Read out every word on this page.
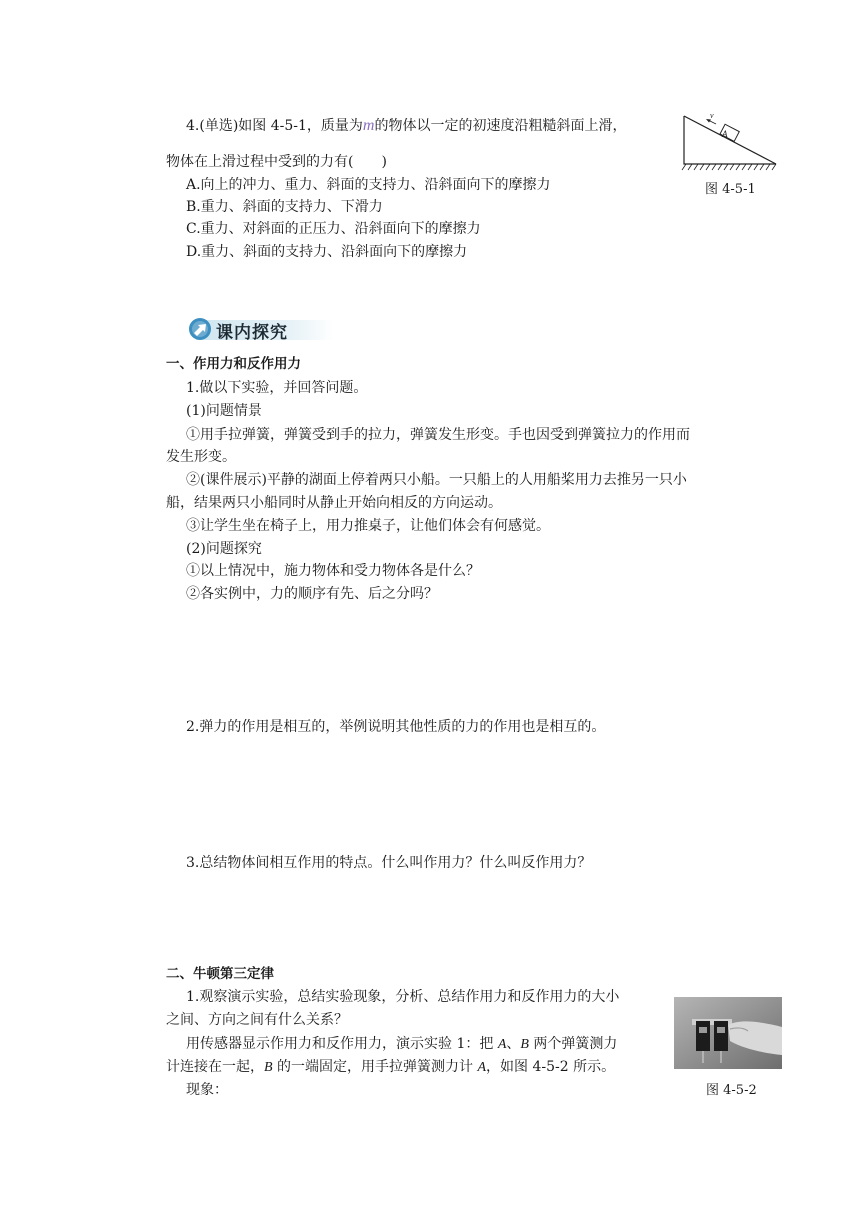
4.(单选)如图 4-5-1，质量为m的物体以一定的初速度沿粗糙斜面上滑，
物体在上滑过程中受到的力有(　　)
A.向上的冲力、重力、斜面的支持力、沿斜面向下的摩擦力
B.重力、斜面的支持力、下滑力
C.重力、对斜面的正压力、沿斜面向下的摩擦力
D.重力、斜面的支持力、沿斜面向下的摩擦力
A
v
图 4-5-1
课内探究
一、作用力和反作用力
1.做以下实验，并回答问题。
(1)问题情景
①用手拉弹簧，弹簧受到手的拉力，弹簧发生形变。手也因受到弹簧拉力的作用而
发生形变。
②(课件展示)平静的湖面上停着两只小船。一只船上的人用船桨用力去推另一只小
船，结果两只小船同时从静止开始向相反的方向运动。
③让学生坐在椅子上，用力推桌子，让他们体会有何感觉。
(2)问题探究
①以上情况中，施力物体和受力物体各是什么？
②各实例中，力的顺序有先、后之分吗？
2.弹力的作用是相互的，举例说明其他性质的力的作用也是相互的。
3.总结物体间相互作用的特点。什么叫作用力？什么叫反作用力？
二、牛顿第三定律
1.观察演示实验，总结实验现象，分析、总结作用力和反作用力的大小
之间、方向之间有什么关系？
用传感器显示作用力和反作用力，演示实验 1：把 A、B 两个弹簧测力
计连接在一起，B 的一端固定，用手拉弹簧测力计 A，如图 4-5-2 所示。
现象：	图 4-5-2
